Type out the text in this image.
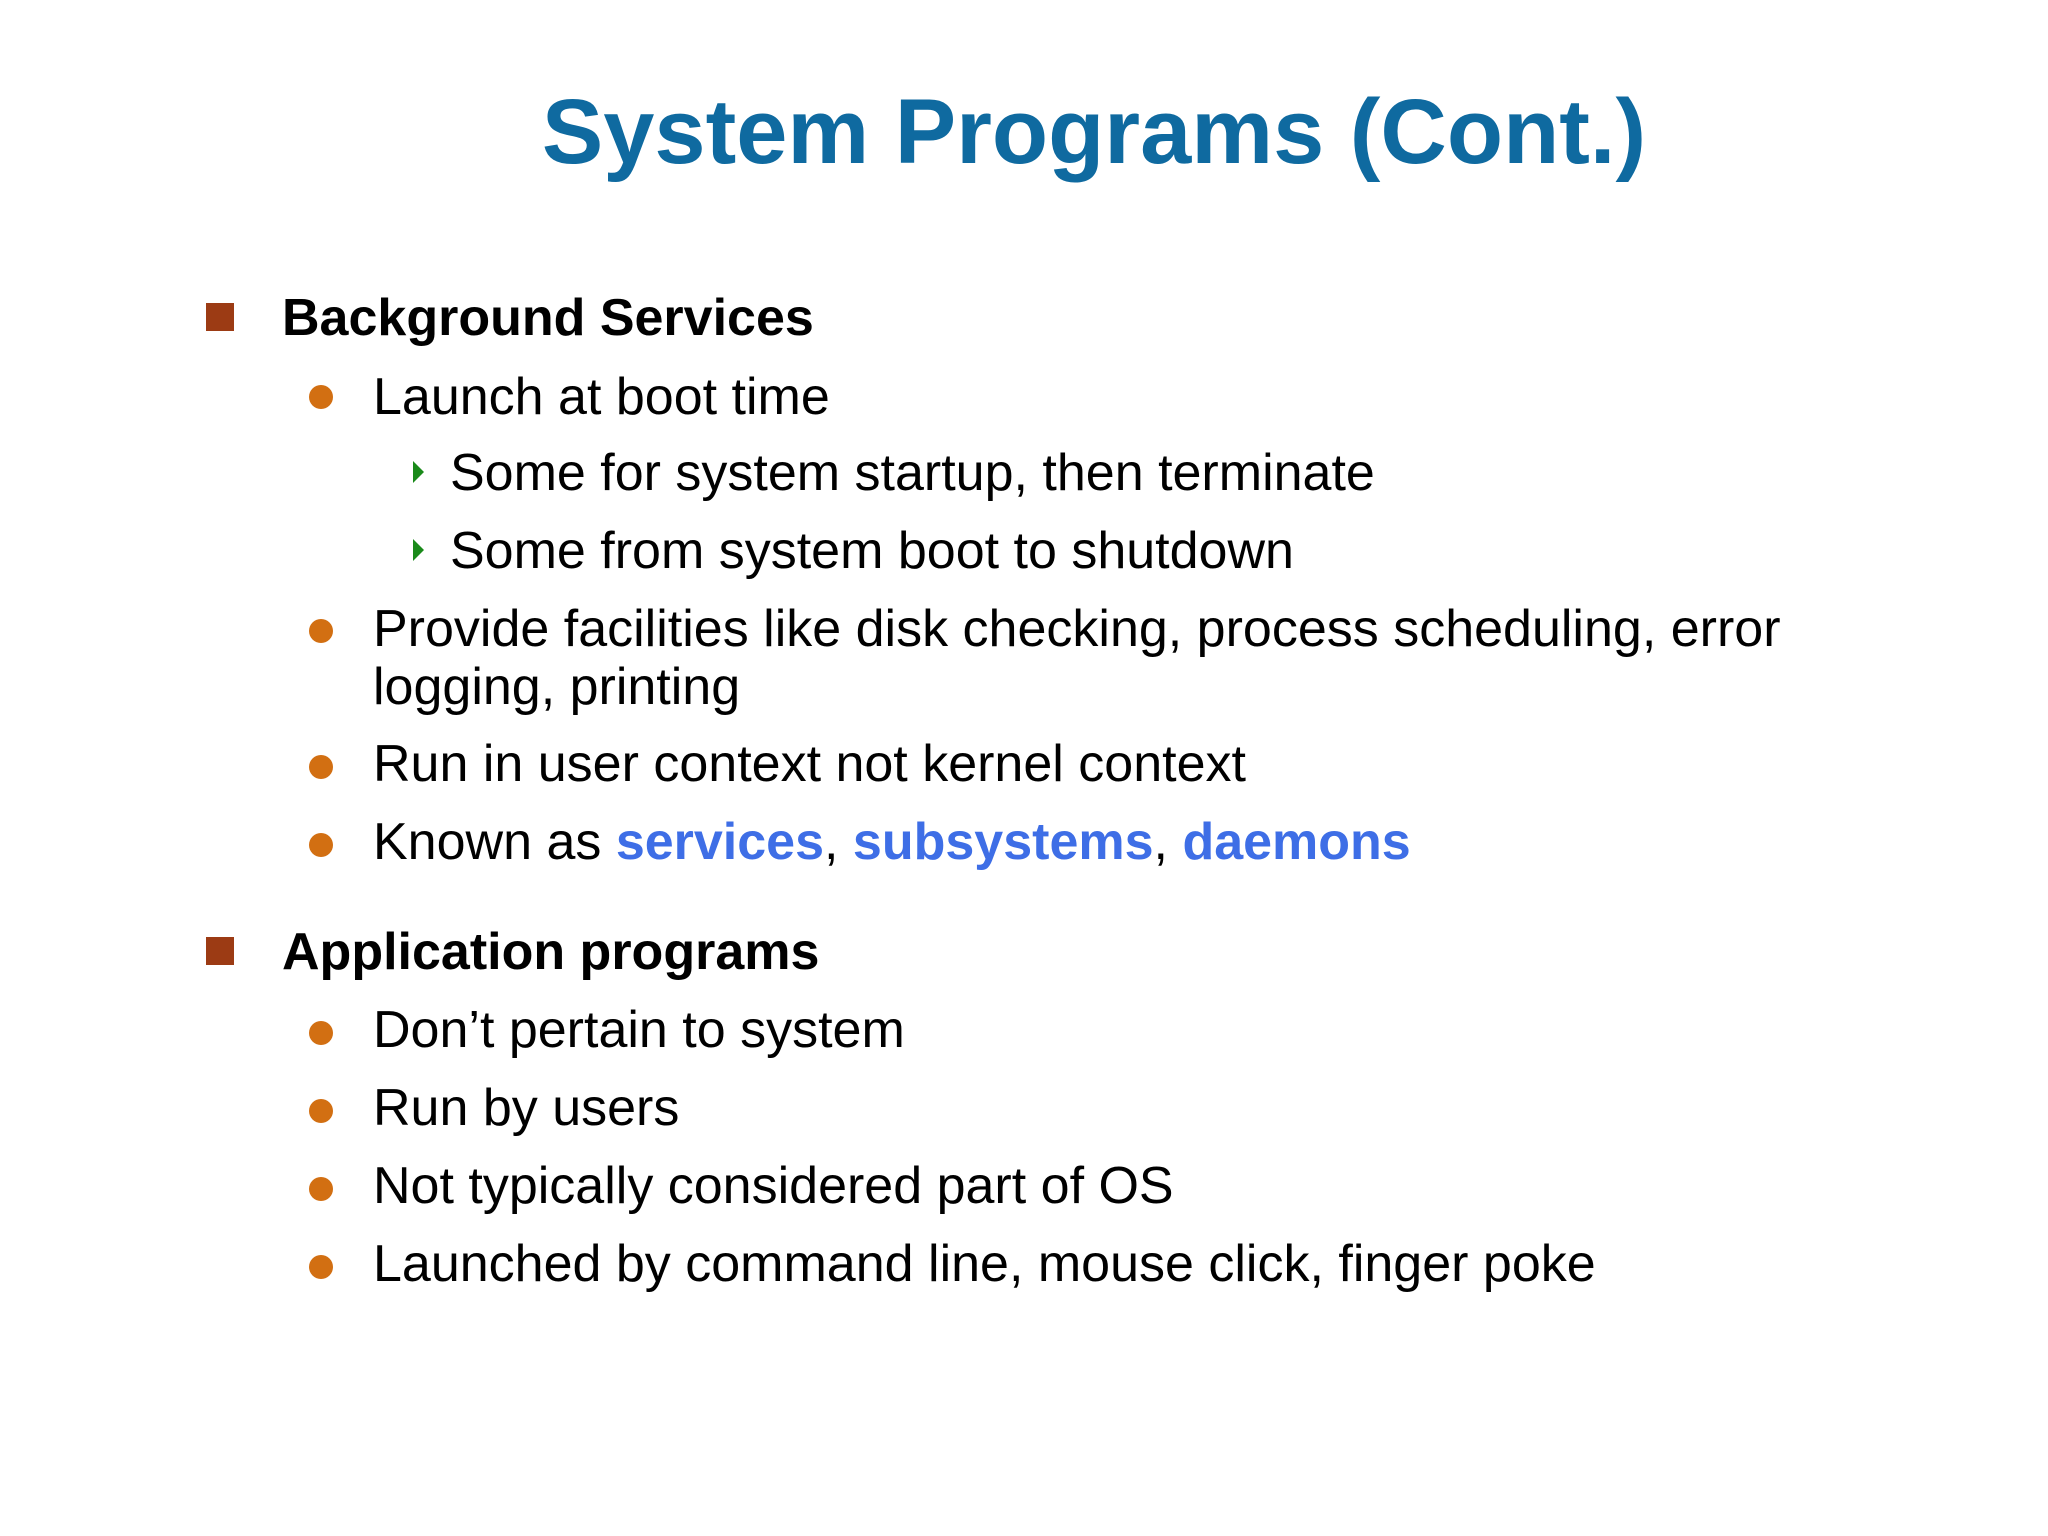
System Programs (Cont.)
Background Services
Launch at boot time
Some for system startup, then terminate
Some from system boot to shutdown
Provide facilities like disk checking, process scheduling, error
logging, printing
Run in user context not kernel context
Known as services, subsystems, daemons
Application programs
Don’t pertain to system
Run by users
Not typically considered part of OS
Launched by command line, mouse click, finger poke
